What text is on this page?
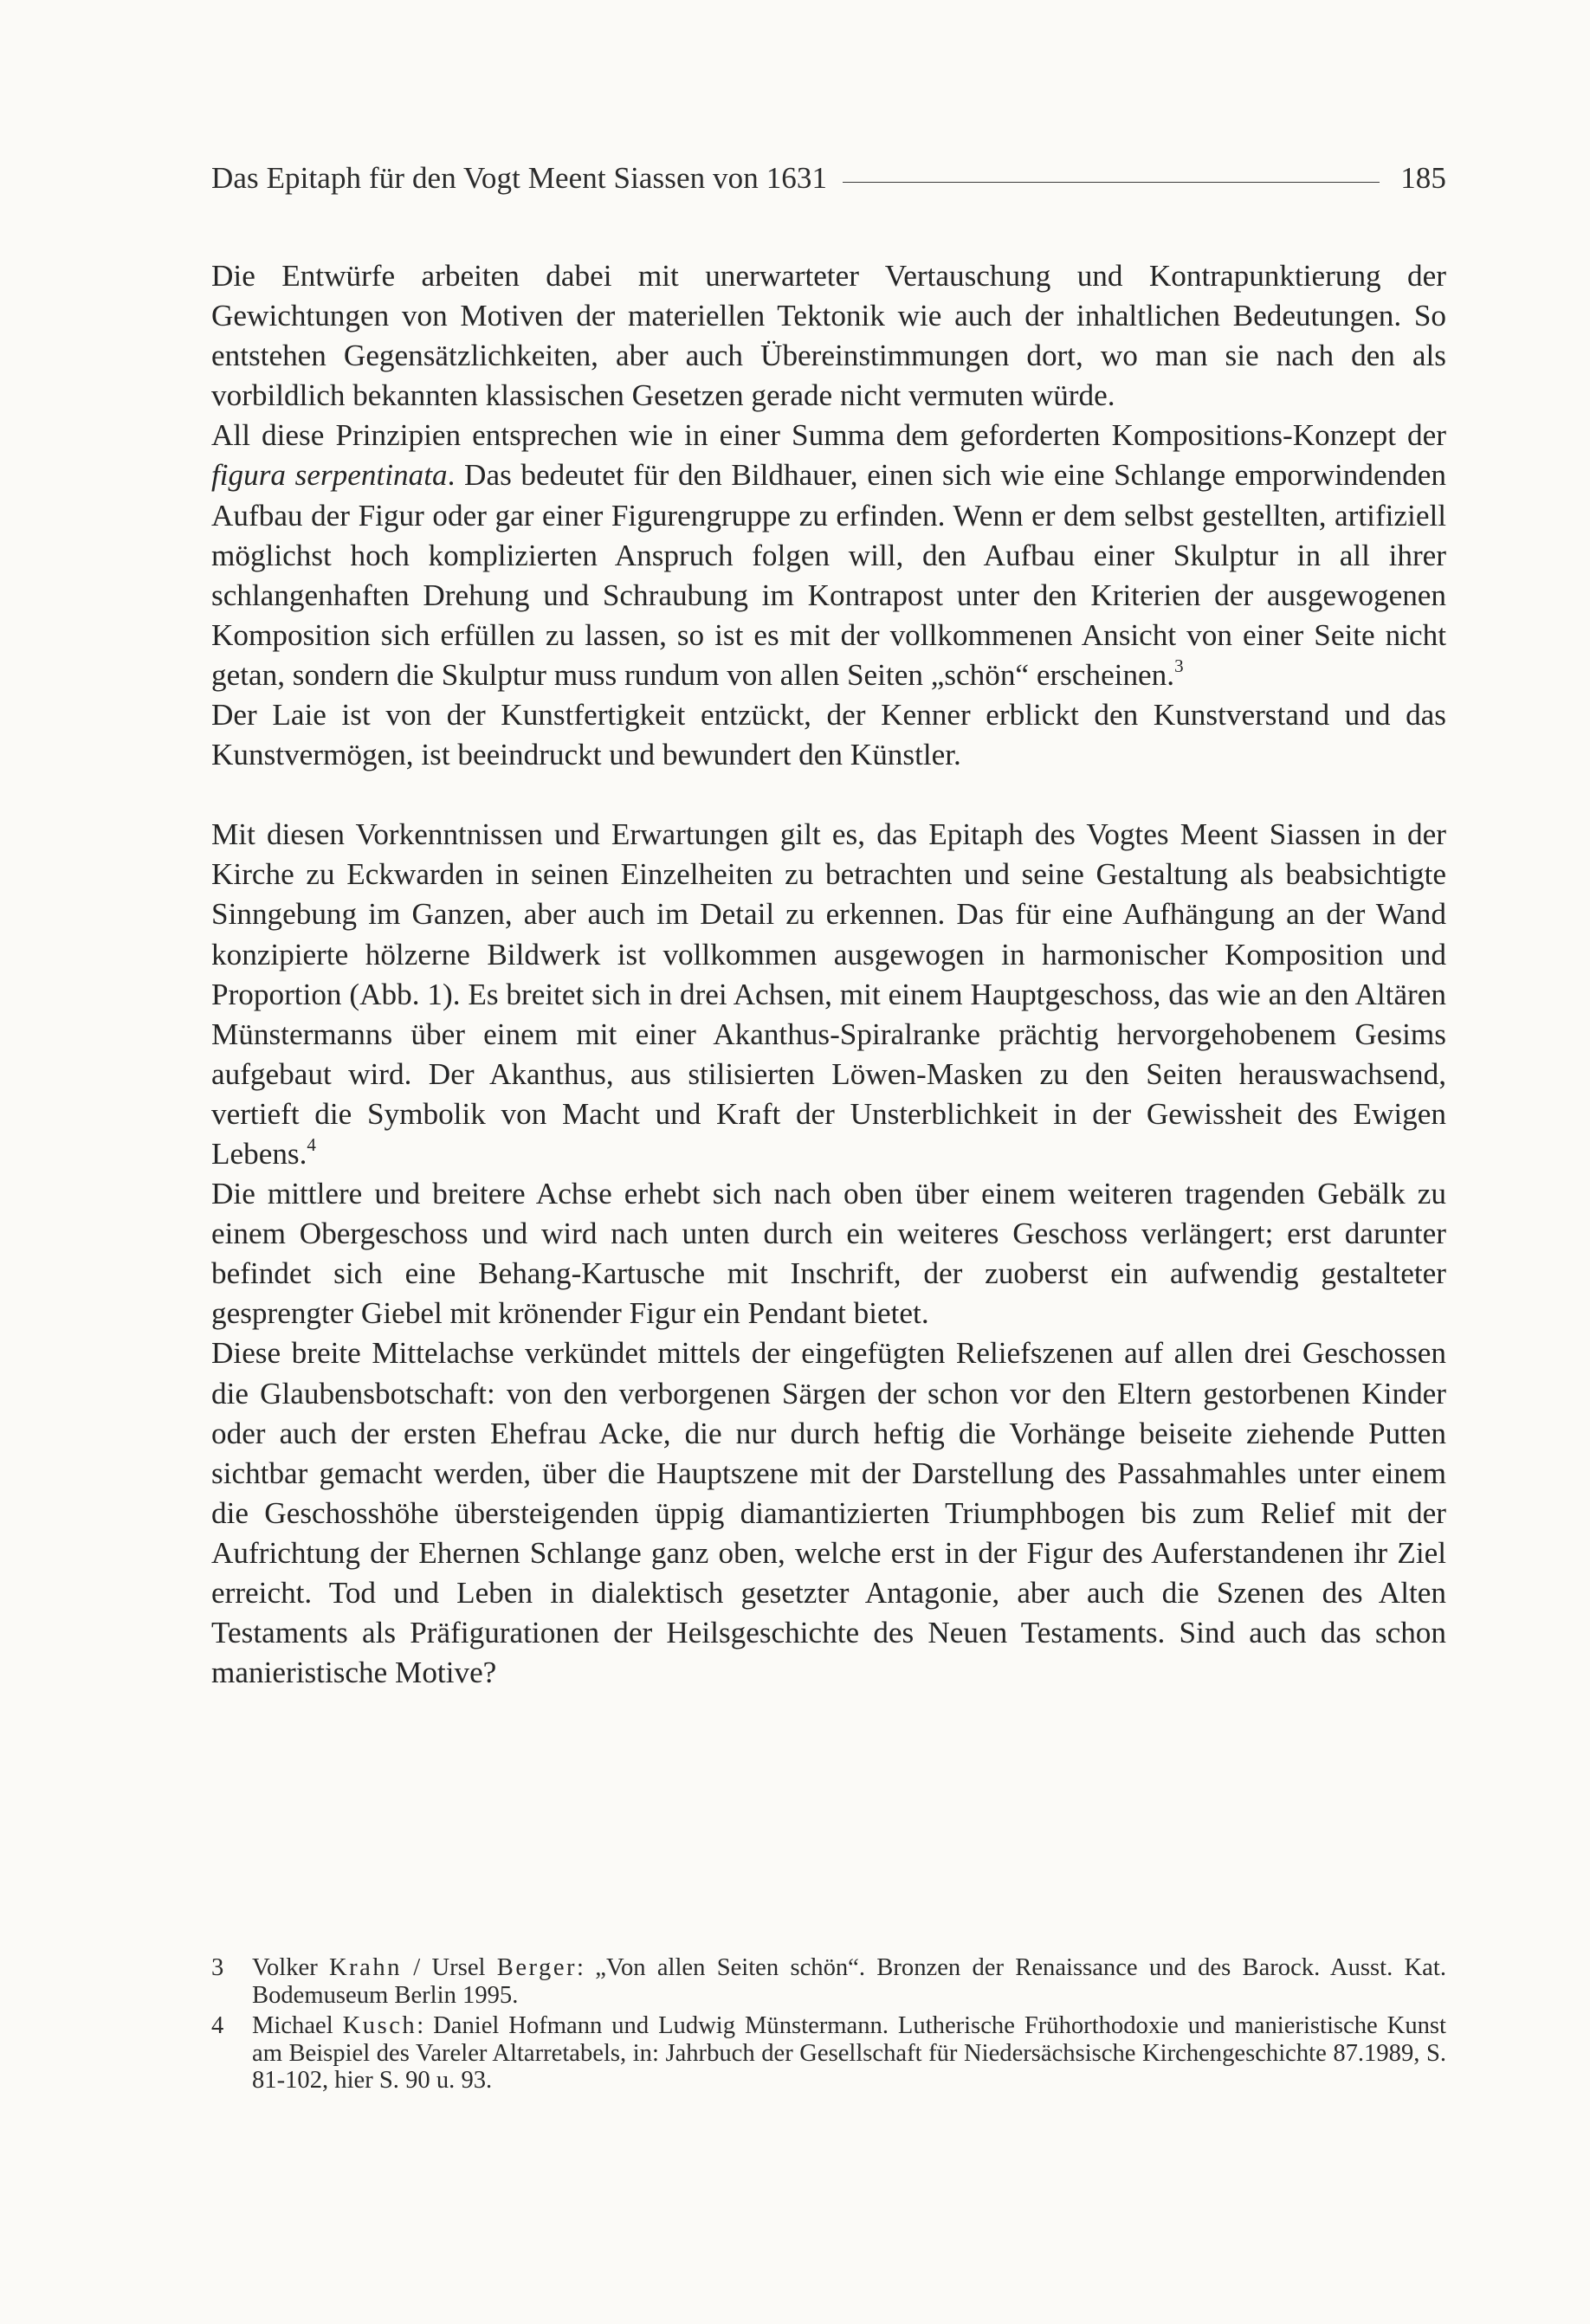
Das Epitaph für den Vogt Meent Siassen von 1631	185

Die Entwürfe arbeiten dabei mit unerwarteter Vertauschung und Kontrapunktierung der Gewichtungen von Motiven der materiellen Tektonik wie auch der inhaltlichen Bedeutungen. So entstehen Gegensätzlichkeiten, aber auch Übereinstimmungen dort, wo man sie nach den als vorbildlich bekannten klassischen Gesetzen gerade nicht vermuten würde.

All diese Prinzipien entsprechen wie in einer Summa dem geforderten Kompositions-Konzept der figura serpentinata. Das bedeutet für den Bildhauer, einen sich wie eine Schlange emporwindenden Aufbau der Figur oder gar einer Figurengruppe zu erfinden. Wenn er dem selbst gestellten, artifiziell möglichst hoch komplizierten Anspruch folgen will, den Aufbau einer Skulptur in all ihrer schlangenhaften Drehung und Schraubung im Kontrapost unter den Kriterien der ausgewogenen Komposition sich erfüllen zu lassen, so ist es mit der vollkommenen Ansicht von einer Seite nicht getan, sondern die Skulptur muss rundum von allen Seiten „schön“ erscheinen.$^3$

Der Laie ist von der Kunstfertigkeit entzückt, der Kenner erblickt den Kunstverstand und das Kunstvermögen, ist beeindruckt und bewundert den Künstler.

Mit diesen Vorkenntnissen und Erwartungen gilt es, das Epitaph des Vogtes Meent Siassen in der Kirche zu Eckwarden in seinen Einzelheiten zu betrachten und seine Gestaltung als beabsichtigte Sinngebung im Ganzen, aber auch im Detail zu erkennen. Das für eine Aufhängung an der Wand konzipierte hölzerne Bildwerk ist vollkommen ausgewogen in harmonischer Komposition und Proportion (Abb. 1). Es breitet sich in drei Achsen, mit einem Hauptgeschoss, das wie an den Altären Münstermanns über einem mit einer Akanthus-Spiralranke prächtig hervorgehobenem Gesims aufgebaut wird. Der Akanthus, aus stilisierten Löwen-Masken zu den Seiten herauswachsend, vertieft die Symbolik von Macht und Kraft der Unsterblichkeit in der Gewissheit des Ewigen Lebens.$^4$

Die mittlere und breitere Achse erhebt sich nach oben über einem weiteren tragenden Gebälk zu einem Obergeschoss und wird nach unten durch ein weiteres Geschoss verlängert; erst darunter befindet sich eine Behang-Kartusche mit Inschrift, der zuoberst ein aufwendig gestalteter gesprengter Giebel mit krönender Figur ein Pendant bietet.

Diese breite Mittelachse verkündet mittels der eingefügten Reliefszenen auf allen drei Geschossen die Glaubensbotschaft: von den verborgenen Särgen der schon vor den Eltern gestorbenen Kinder oder auch der ersten Ehefrau Acke, die nur durch heftig die Vorhänge beiseite ziehende Putten sichtbar gemacht werden, über die Hauptszene mit der Darstellung des Passahmahles unter einem die Geschosshöhe übersteigenden üppig diamantizierten Triumphbogen bis zum Relief mit der Aufrichtung der Ehernen Schlange ganz oben, welche erst in der Figur des Auferstandenen ihr Ziel erreicht. Tod und Leben in dialektisch gesetzter Antagonie, aber auch die Szenen des Alten Testaments als Präfigurationen der Heilsgeschichte des Neuen Testaments. Sind auch das schon manieristische Motive?

3	Volker Krahn / Ursel Berger: „Von allen Seiten schön“. Bronzen der Renaissance und des Barock. Ausst. Kat. Bodemuseum Berlin 1995.
4	Michael Kusch: Daniel Hofmann und Ludwig Münstermann. Lutherische Frühorthodoxie und manieristische Kunst am Beispiel des Vareler Altarretabels, in: Jahrbuch der Gesellschaft für Niedersächsische Kirchengeschichte 87.1989, S. 81-102, hier S. 90 u. 93.
